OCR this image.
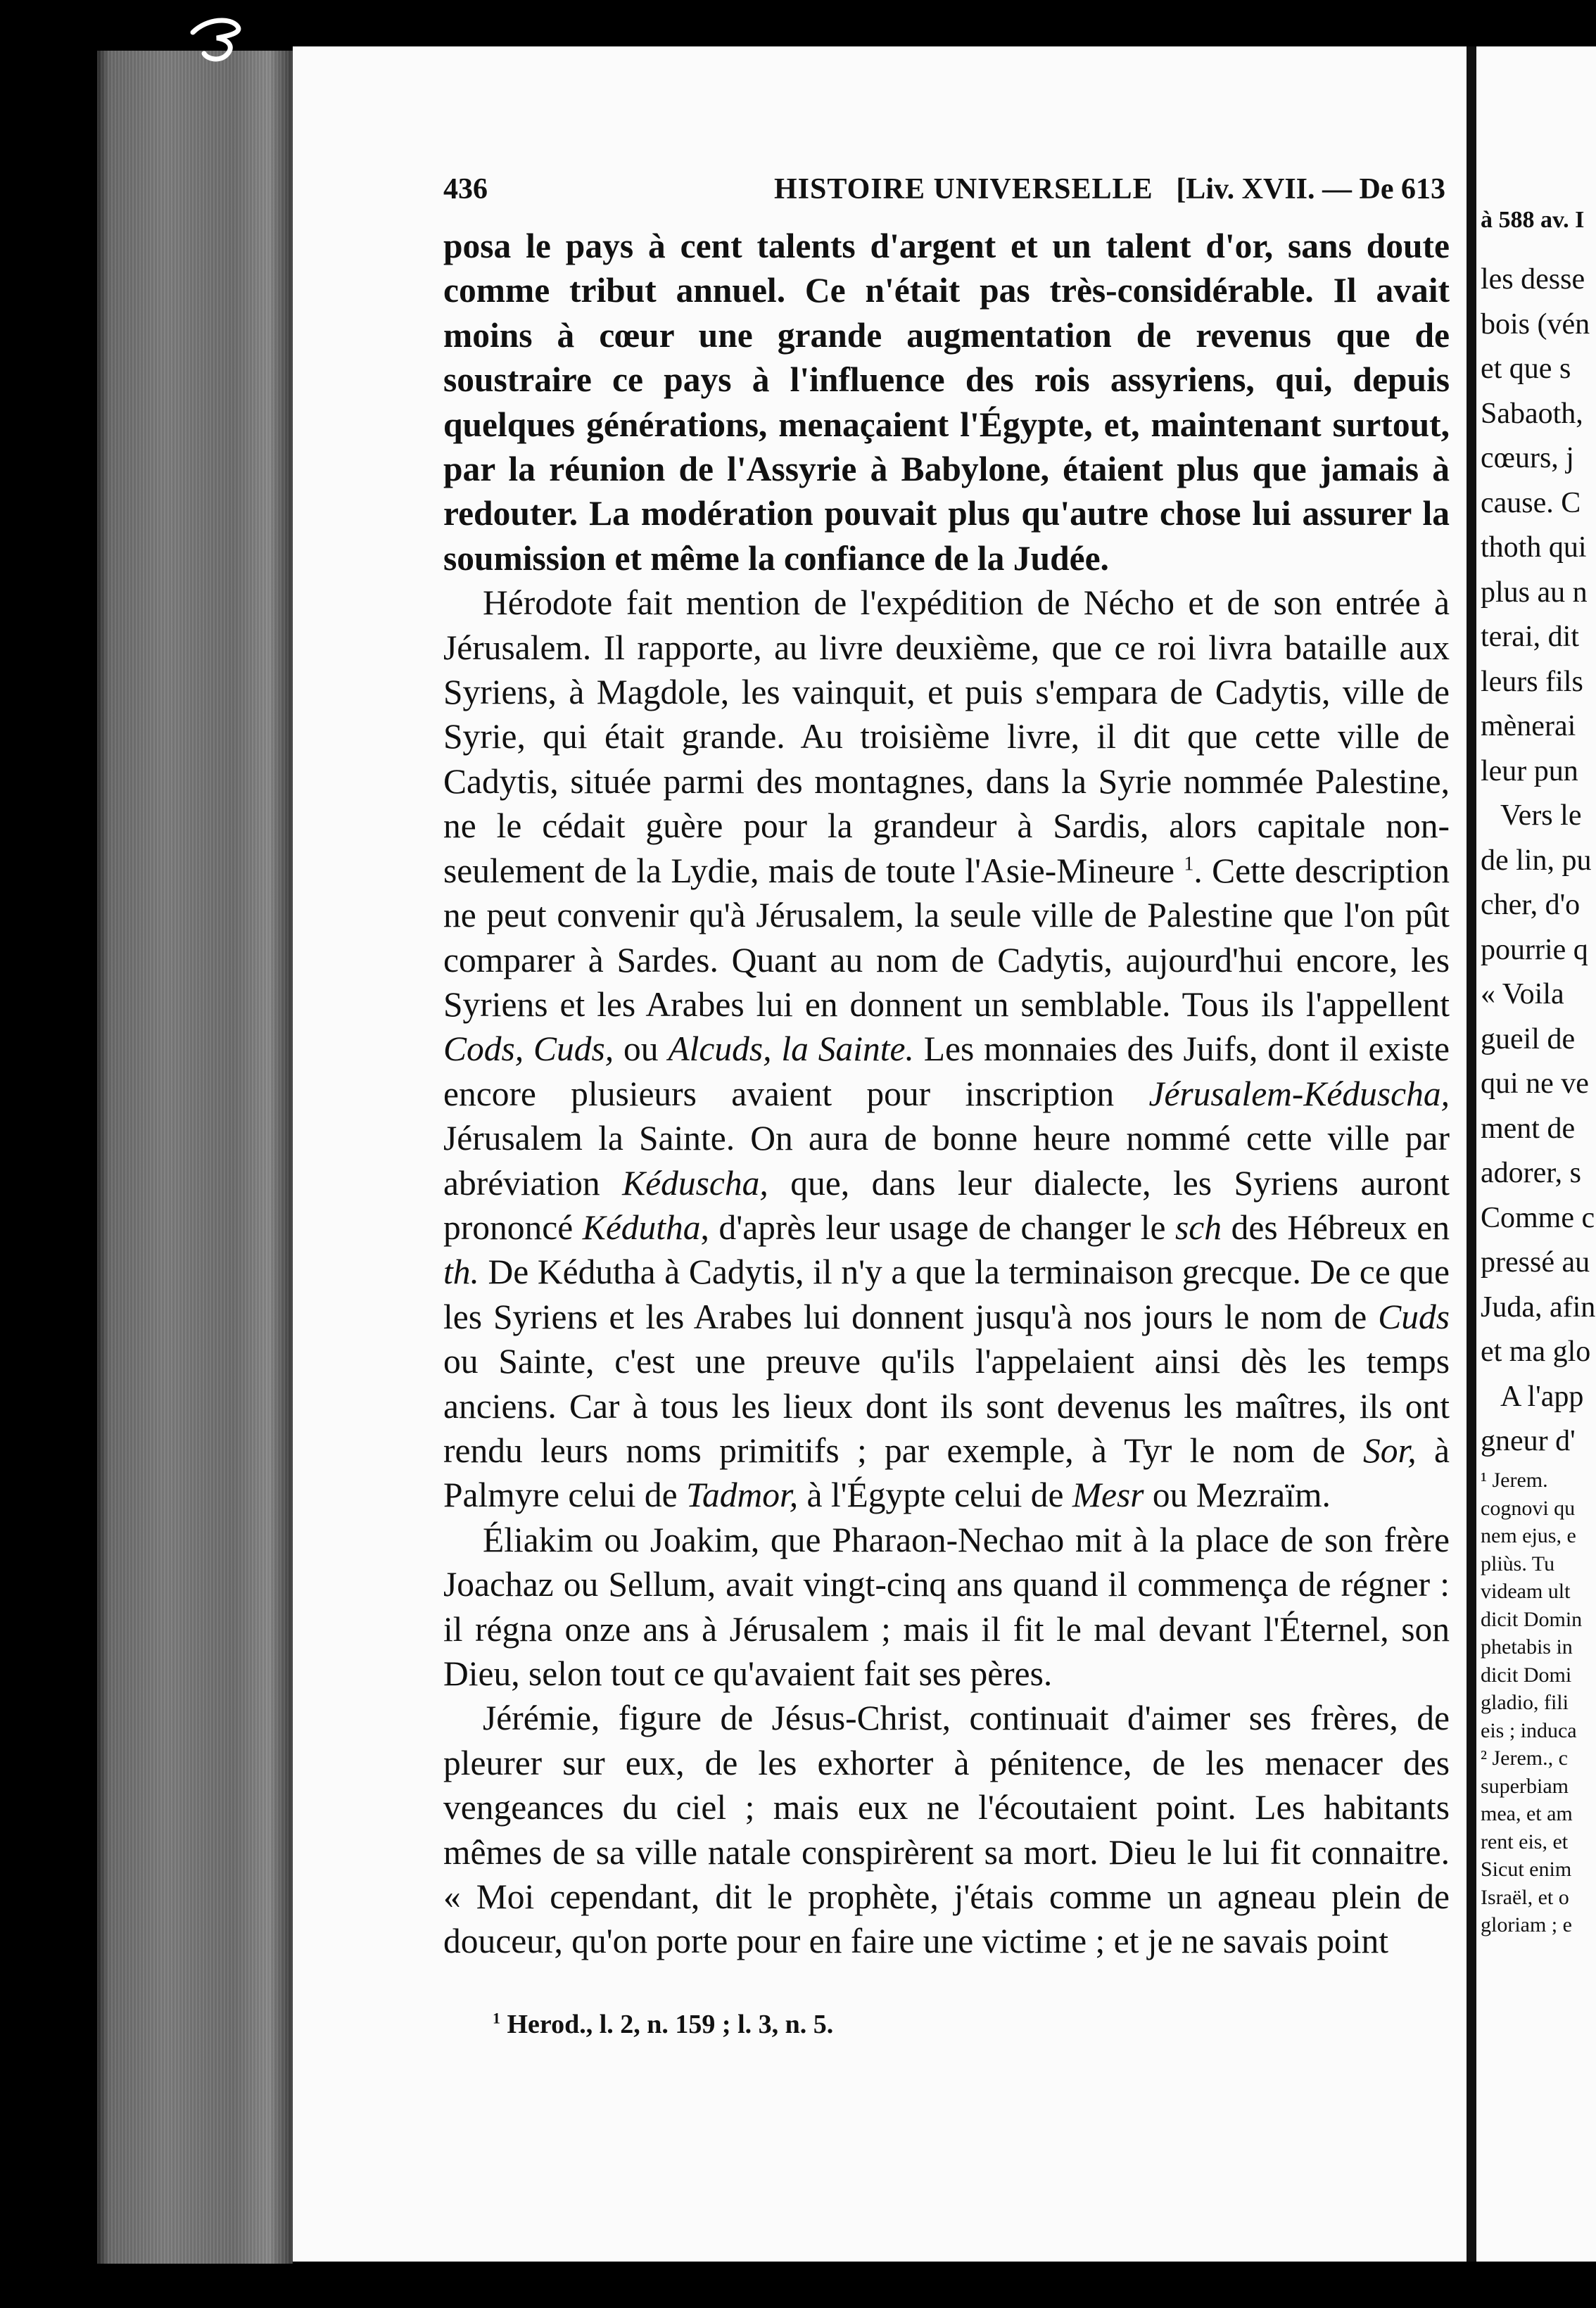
436	HISTOIRE UNIVERSELLE [Liv. XVII. — De 613

posa le pays à cent talents d'argent et un talent d'or, sans doute comme tribut annuel. Ce n'était pas très-considérable. Il avait moins à cœur une grande augmentation de revenus que de soustraire ce pays à l'influence des rois assyriens, qui, depuis quelques générations, menaçaient l'Égypte, et, maintenant surtout, par la réunion de l'Assyrie à Babylone, étaient plus que jamais à redouter. La modération pouvait plus qu'autre chose lui assurer la soumission et même la confiance de la Judée.

Hérodote fait mention de l'expédition de Nécho et de son entrée à Jérusalem. Il rapporte, au livre deuxième, que ce roi livra bataille aux Syriens, à Magdole, les vainquit, et puis s'empara de Cadytis, ville de Syrie, qui était grande. Au troisième livre, il dit que cette ville de Cadytis, située parmi des montagnes, dans la Syrie nommée Palestine, ne le cédait guère pour la grandeur à Sardis, alors capitale non-seulement de la Lydie, mais de toute l'Asie-Mineure $^1$. Cette description ne peut convenir qu'à Jérusalem, la seule ville de Palestine que l'on pût comparer à Sardes. Quant au nom de Cadytis, aujourd'hui encore, les Syriens et les Arabes lui en donnent un semblable. Tous ils l'appellent Cods, Cuds, ou Alcuds, la Sainte. Les monnaies des Juifs, dont il existe encore plusieurs avaient pour inscription Jérusalem-Kéduscha, Jérusalem la Sainte. On aura de bonne heure nommé cette ville par abréviation Kéduscha, que, dans leur dialecte, les Syriens auront prononcé Kédutha, d'après leur usage de changer le sch des Hébreux en th. De Kédutha à Cadytis, il n'y a que la terminaison grecque. De ce que les Syriens et les Arabes lui donnent jusqu'à nos jours le nom de Cuds ou Sainte, c'est une preuve qu'ils l'appelaient ainsi dès les temps anciens. Car à tous les lieux dont ils sont devenus les maîtres, ils ont rendu leurs noms primitifs ; par exemple, à Tyr le nom de Sor, à Palmyre celui de Tadmor, à l'Égypte celui de Mesr ou Mezraïm.

Éliakim ou Joakim, que Pharaon-Nechao mit à la place de son frère Joachaz ou Sellum, avait vingt-cinq ans quand il commença de régner : il régna onze ans à Jérusalem ; mais il fit le mal devant l'Éternel, son Dieu, selon tout ce qu'avaient fait ses pères.

Jérémie, figure de Jésus-Christ, continuait d'aimer ses frères, de pleurer sur eux, de les exhorter à pénitence, de les menacer des vengeances du ciel ; mais eux ne l'écoutaient point. Les habitants mêmes de sa ville natale conspirèrent sa mort. Dieu le lui fit connaitre. « Moi cependant, dit le prophète, j'étais comme un agneau plein de douceur, qu'on porte pour en faire une victime ; et je ne savais point

$^1$ Herod., l. 2, n. 159 ; l. 3, n. 5.
à 588 av. I
les desse
bois (vén
et que s
Sabaoth,
cœurs, j
cause. C
thoth qui
plus au n
terai, dit
leurs fils
mènerai
leur pun
Vers le
de lin, pu
cher, d'o
pourrie q
« Voila
gueil de
qui ne ve
ment de
adorer, s
Comme c
pressé au
Juda, afin
et ma glo
A l'app
gneur d'
¹ Jerem.
cognovi qu
nem ejus, e
pliùs. Tu
videam ult
dicit Domin
phetabis in
dicit Domi
gladio, fili
eis ; induca
² Jerem., c
superbiam
mea, et am
rent eis, et
Sicut enim
Israël, et o
gloriam ; e
